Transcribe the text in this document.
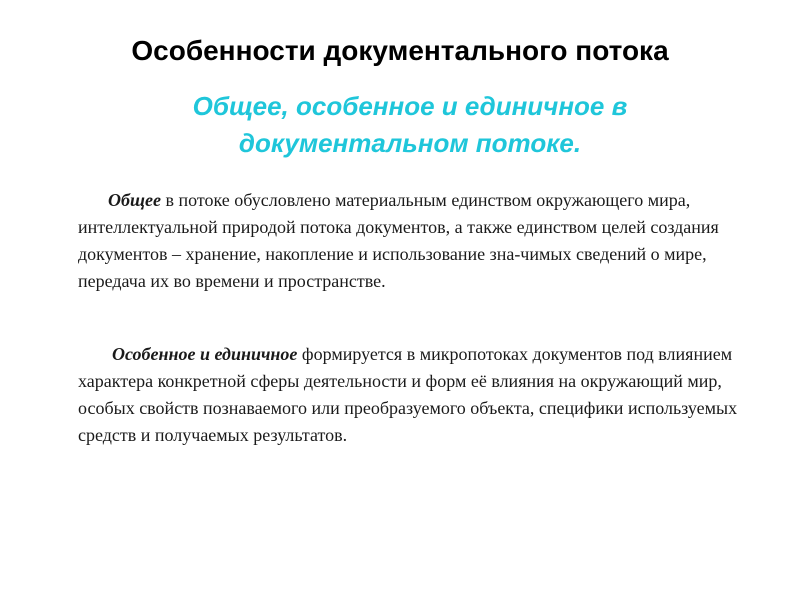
Особенности документального потока
Общее, особенное и единичное в
документальном потоке.

Общее в потоке обусловлено материальным единством окружающего мира, интеллектуальной природой потока документов, а также единством целей создания документов – хранение, накопление и использование зна-чимых сведений о мире, передача их во времени и пространстве.

Особенное и единичное формируется в микропотоках документов под влиянием характера конкретной сферы деятельности и форм её влияния на окружающий мир, особых свойств познаваемого или преобразуемого объекта, специфики используемых средств и получаемых результатов.
